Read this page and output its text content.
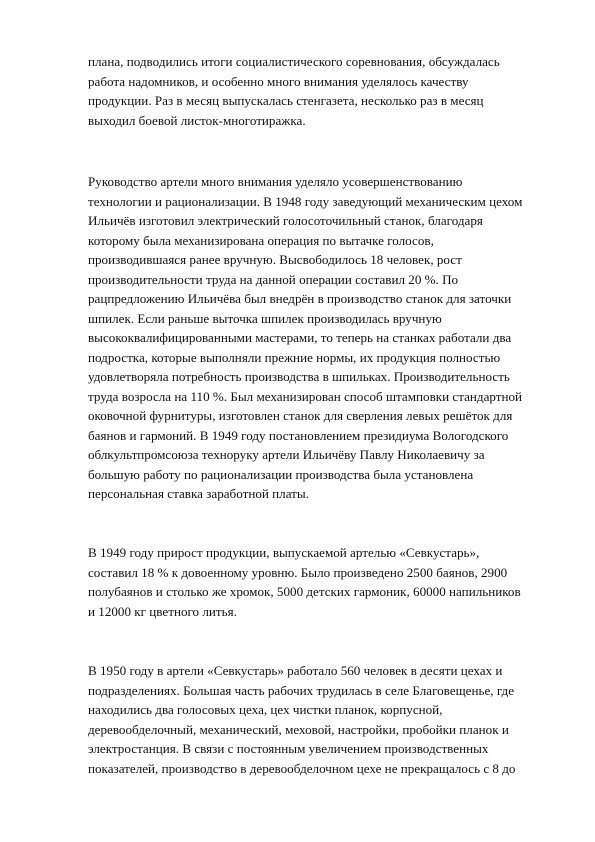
плана, подводились итоги социалистического соревнования, обсуждалась
работа надомников, и особенно много внимания уделялось качеству
продукции. Раз в месяц выпускалась стенгазета, несколько раз в месяц
выходил боевой листок-многотиражка.
Руководство артели много внимания уделяло усовершенствованию
технологии и рационализации. В 1948 году заведующий механическим цехом
Ильичёв изготовил электрический голосоточильный станок, благодаря
которому была механизирована операция по вытачке голосов,
производившаяся ранее вручную. Высвободилось 18 человек, рост
производительности труда на данной операции составил 20 %. По
рацпредложению Ильичёва был внедрён в производство станок для заточки
шпилек. Если раньше выточка шпилек производилась вручную
высококвалифицированными мастерами, то теперь на станках работали два
подростка, которые выполняли прежние нормы, их продукция полностью
удовлетворяла потребность производства в шпильках. Производительность
труда возросла на 110 %. Был механизирован способ штамповки стандартной
оковочной фурнитуры, изготовлен станок для сверления левых решёток для
баянов и гармоний. В 1949 году постановлением президиума Вологодского
облкультпромсоюза техноруку артели Ильичёву Павлу Николаевичу за
большую работу по рационализации производства была установлена
персональная ставка заработной платы.
В 1949 году прирост продукции, выпускаемой артелью «Севкустарь»,
составил 18 % к довоенному уровню. Было произведено 2500 баянов, 2900
полубаянов и столько же хромок, 5000 детских гармоник, 60000 напильников
и 12000 кг цветного литья.
В 1950 году в артели «Севкустарь» работало 560 человек в десяти цехах и
подразделениях. Большая часть рабочих трудилась в селе Благовещенье, где
находились два голосовых цеха, цех чистки планок, корпусной,
деревообделочный, механический, меховой, настройки, пробойки планок и
электростанция. В связи с постоянным увеличением производственных
показателей, производство в деревообделочном цехе не прекращалось с 8 до
